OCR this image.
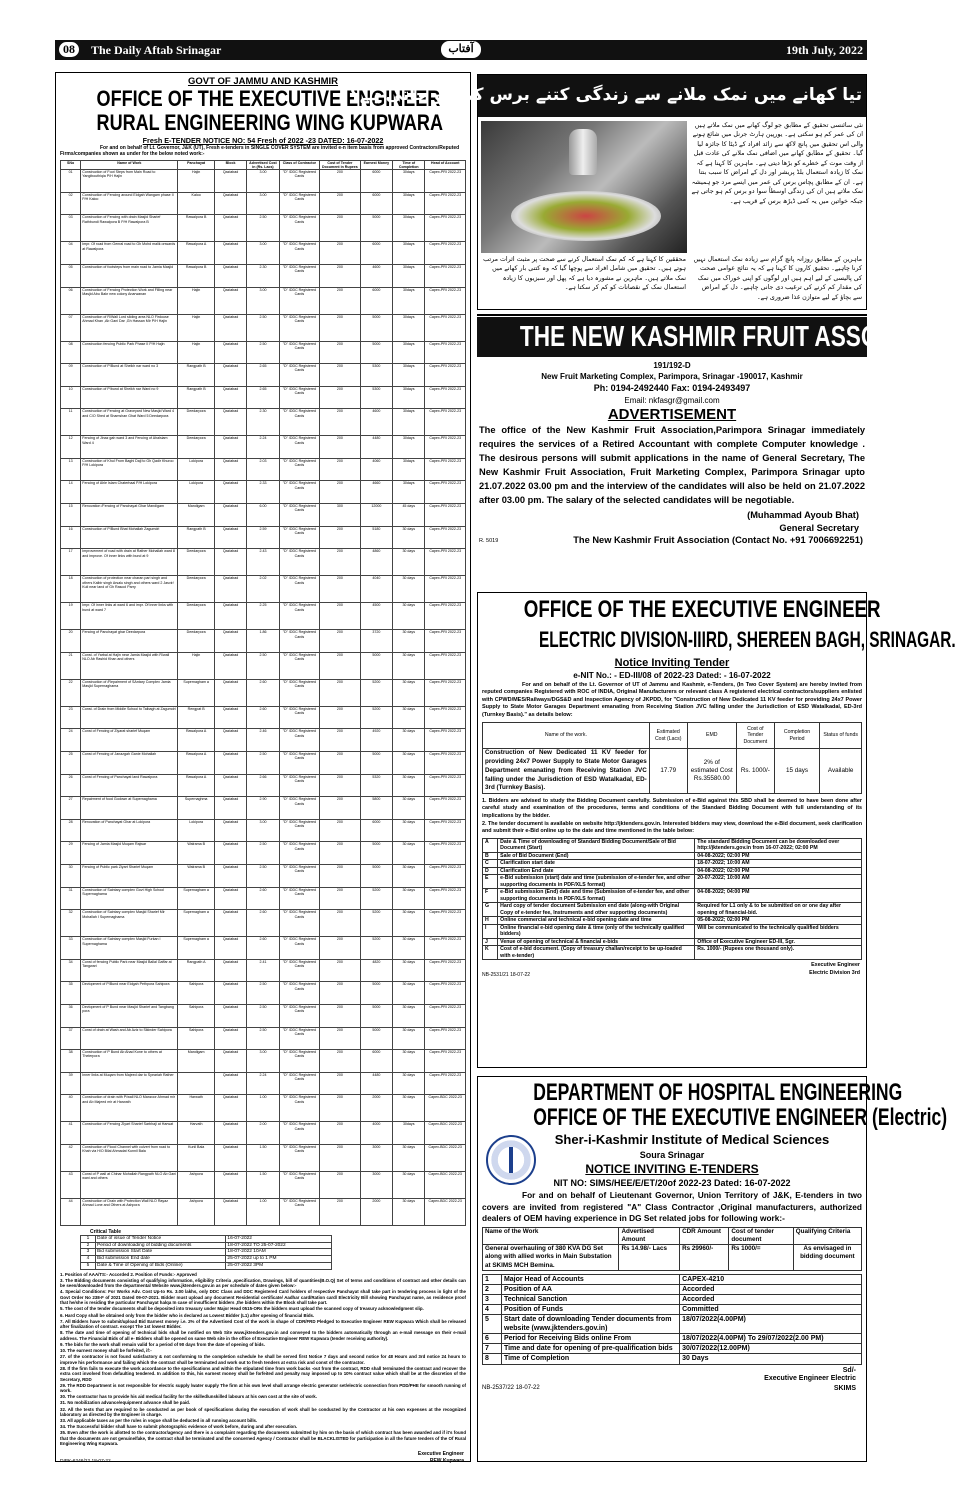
08	The Daily Aftab Srinagar	آفتاب	19th July, 2022
GOVT OF JAMMU AND KASHMIR
OFFICE OF THE EXECUTIVE ENGINEER
RURAL ENGINEERING WING KUPWARA
Fresh E-TENDER NOTICE NO: 54 Fresh of 2022 -23 DATED: 16-07-2022
For and on behalf of Lt. Governor, J&K (UT), Fresh e-tenders in SINGLE COVER SYSTEM are invited e-n item basis from approved Contractors/Reputed Firms/companies shown as under for the below noted work:-
SNo	Name of Work	Panchayat	Block	Advertised Cost in (Rs. Lacs)	Class of Contractor	Cost of Tender Document in Rupees	Earnest Money	Time of Completion	Head of Account
01	Construction of Foot Steps from Main Road to Yangibouthiqia P/H Hajin	Hajin	Qaziabad	3.00	"D" /DDC Registered Cards	200	6000	30days	Capex-PRI 2022-23
02	Construction of Fencing around Eidgah Wangam phase II P/H Kaloo	Kaloo	Qaziabad	3.00	"D" /DDC Registered Cards	200	6000	30days	Capex-PRI 2022-23
03	Construction of Fencing with drain Masjid Sharief Rathbundi Rawalpora B P/H Rawalpora B	Rawalpora B	Qaziabad	2.50	"D" /DDC Registered Cards	200	5000	30days	Capex-PRI 2022-23
04	Impr. Of road from Genral road to Gh Mohd malik onwards at Rawalpora	Rawalpora A	Qaziabad	3.00	"D" /DDC Registered Cards	200	6000	30days	Capex-PRI 2022-23
05	Construction of footsteps from main road to Jamia Masjid	Rawalpora B	Qaziabad	2.30	"D" /DDC Registered Cards	200	4600	30days	Capex-PRI 2022-23
06	Construction of Fencing Protection Work and Filling near Masjid Abu Bakr new colony Anarwanan	Hajin	Qaziabad	3.00	"D" /DDC Registered Cards	200	6000	30days	Capex-PRI 2022-23
07	Construction of R/Wall Lord sliding area NLO Firdouse Ahmad Khan ,Ab Gani Dar ,Gh Hassan Mir P/H Hajin	Hajin	Qaziabad	2.50	"D" /DDC Registered Cards	200	5000	30days	Capex-PRI 2022-23
08	Construction fencing Public Park Phase II P/H Hajin	Hajin	Qaziabad	2.50	"D" /DDC Registered Cards	200	5000	30days	Capex-PRI 2022-23
09	Construction of P/Bund at Sheikh nar ward no 3	Rangpath B	Qaziabad	2.65	"D" /DDC Registered Cards	200	5300	30days	Capex-PRI 2022-23
10	Construction of P/bund at Sheikh nar Ward no 9	Rangpath B	Qaziabad	2.65	"D" /DDC Registered Cards	200	5300	30days	Capex-PRI 2022-23
11	Construction of Fencing at Graveyard New Masjid Ward 4 and C/O Shed at Shamshan Ghat Ward 5 Deedarpora	Deedarpora	Qaziabad	2.30	"D" /DDC Registered Cards	200	4600	30days	Capex-PRI 2022-23
12	Fencing of Jinaz gah ward 3 and Fencing of Ahalsiam Ward 4	Deedarpora	Qaziabad	2.24	"D" /DDC Registered Cards	200	4480	30days	Capex-PRI 2022-23
13	Construction of Khul From Baghi Daji to Gh Qadir Khuroo P/H Lokipora	Lokipora	Qaziabad	2.03	"D" /DDC Registered Cards	200	4060	30days	Capex-PRI 2022-23
14	Fencing of Ahle Islam Chaterhaal P/H Lokipora	Lokipora	Qaziabad	2.33	"D" /DDC Registered Cards	200	4660	30days	Capex-PRI 2022-23
15	Renovation /Fencing of Panchayat Ghar Mandigam	Mandigam	Qaziabad	6.00	"D" /DDC Registered Cards	300	12000	45 days	Capex-PRI 2022-23
16	Construction of P/Bund Bhat Mohallah Zagumdri	Rangpath B	Qaziabad	2.59	"D" /DDC Registered Cards	200	5180	30 days	Capex-PRI 2022-23
17	Improvement of road with drain at Rather Mohallah ward 8 and improve. Of inner links with bund at 9	Deedarpora	Qaziabad	2.43	"D" /DDC Registered Cards	200	4860	30 days	Capex-PRI 2022-23
18	Construction of protection near charan pari singh and others Kalbir singh Arsalu singh and others ward 2 Jasvir/ Kuli near land of Gh Rasool Parry	Deedarpora	Qaziabad	2.02	"D" /DDC Registered Cards	200	4040	30 days	Capex-PRI 2022-23
19	Impr. Of inner links at ward 6 and impr. Of inner links with bund at ward 7	Deedarpora	Qaziabad	2.25	"D" /DDC Registered Cards	200	4500	30 days	Capex-PRI 2022-23
20	Fencing of Panchayat ghar Deedarpora	Deedarpora	Qaziabad	1.86	"D" /DDC Registered Cards	200	3720	30 days	Capex-PRI 2022-23
21	Const. of Yarbal at Hajin near Jamia Masjid with R/wall NLO Ab Rashid Khan and others	Hajin	Qaziabad	2.50	"D" /DDC Registered Cards	200	5000	30 days	Capex-PRI 2022-23
22	Construction of /Repairment of SAntary Complex Jamia Masjid Supernaghama	Supernagham a	Qaziabad	2.60	"D" /DDC Registered Cards	200	5200	30 days	Capex-PRI 2022-23
23	Const. of Drain from Middle School to Talbagh at Zagumdri	Rengpat B	Qaziabad	2.60	"D" /DDC Registered Cards	200	5200	30 days	Capex-PRI 2022-23
24	Const of Fencing of Ziyarat sharief Muqam	Rawalpora A	Qaziabad	2.46	"D" /DDC Registered Cards	200	4920	30 days	Capex-PRI 2022-23
25	Const of Fencing of Janazgah Ganie Mohallah	Rawalpora A	Qaziabad	2.50	"D" /DDC Registered Cards	200	5000	30 days	Capex-PRI 2022-23
26	Const of Fencing of Panchayat land Rawalpora	Rawalpora A	Qaziabad	2.66	"D" /DDC Registered Cards	200	5320	30 days	Capex-PRI 2022-23
27	Repairment of food Godown at Supernaghama	Supernaghma	Qaziabad	2.90	"D" /DDC Registered Cards	200	5800	30 days	Capex-PRI 2022-23
28	Renovation of Panchayat Ghar at Lokipora	Lokipora	Qaziabad	3.00	"D" /DDC Registered Cards	200	6000	30 days	Capex-PRI 2022-23
29	Fencing of Jamia Masjid Muqam Rajwar	Walrama B	Qaziabad	2.50	"D" /DDC Registered Cards	200	5000	30 days	Capex-PRI 2022-23
30	Fencing of Public park Ziyart Sharief Muqam	Walrama B	Qaziabad	2.50	"D" /DDC Registered Cards	200	5000	30 days	Capex-PRI 2022-23
31	Construction of Saintary complex Govt High School Supernaghama	Supernagham a	Qaziabad	2.60	"D" /DDC Registered Cards	200	5200	30 days	Capex-PRI 2022-23
32	Construction of Saintary complex Masjid Sharief Mir Mohallah I Supernaghama	Supernagham a	Qaziabad	2.60	"D" /DDC Registered Cards	200	5200	30 days	Capex-PRI 2022-23
33	Construction of Saintary complex Masjid Furkan I Supernaghama	Supernagham a	Qaziabad	2.60	"D" /DDC Registered Cards	200	5200	30 days	Capex-PRI 2022-23
34	Const of fencing Public Park near Masjid Ballal Gaffar at Tangwari	Rangpath A	Qaziabad	2.41	"D" /DDC Registered Cards	200	4820	30 days	Capex-PRI 2022-23
35	Devlopment of P/Bund near Eidgah Pethpora Sahipora	Sahipora	Qaziabad	2.50	"D" /DDC Registered Cards	200	5000	30 days	Capex-PRI 2022-23
36	Devlopment of P Bund near Masjid Sharief and Tangbang pora	Sahipora	Qaziabad	2.50	"D" /DDC Registered Cards	200	5000	30 days	Capex-PRI 2022-23
37	Const of drain at Wash and Ab Aziz to Sikinder Sahipora	Sahipora	Qaziabad	2.50	"D" /DDC Registered Cards	200	5000	30 days	Capex-PRI 2022-23
38	Construction of P Bund Ab Ahad Kone to others at Thelerpora	Mandigam	Qaziabad	3.00	"D" /DDC Registered Cards	200	6000	30 days	Capex-PRI 2022-23
39	Inner links at Muqam from Majeed dar to Syeariah Rather		Qaziabad	2.24	"D" /DDC Registered Cards	200	4480	30 days	Capex-PRI 2022-23
40	Construction of drain with P/wall NLO Manzoor Ahmad mir and Ab Majeed mir at Harwath	Harwath	Qaziabad	1.00	"D" /DDC Registered Cards	200	2000	30 days	Capex-BDC 2022-23
41	Construction of Fencing Ziyart Sharief Sarbhaji at Harwat	Harvath	Qaziabad	2.00	"D" /DDC Registered Cards	200	4000	30days	Capex-BDC 2022-23
42	Construction of Flood Channel with culvert from road to Khah via H/O Bilal Ahmadat Kunnil Bala	Kunil Bala	Qaziabad	1.50	"D" /DDC Registered Cards	200	3000	30 days	Capex-BDC 2022-23
43	Const of P wall at Chinar Mohallah Rangpath NLO Ab Gani wani and others	Ashpora	Qaziabad	1.50	"D" /DDC Registered Cards	200	3000	30 days	Capex-BDC 2022-23
44	Construction of Drain with Protection Wall NLO Rayaz Ahmad Lone and Others at Ashpora	Ashpora	Qaziabad	1.00	"D" /DDC Registered Cards	200	2000	30 days	Capex-BDC 2022-23
Critical Table
1	Date of issue of Tender Notice	16-07-2022
2	Period of downloading of bidding documents	18-07-2022 TO 25-07-2022
3	Bid submission Start Date	18-07-2022 10AM
4	Bid submission End date	25-07-2022 up to 1 PM
5	Date & Time of Opening of Bids (Online)	25-07-2022 3PM
1. Position of AAA/TS:- Accorded 2. Position of Funds:- Approved
3. The Bidding documents consisting of qualifying information, eligibility Criteria ,specification, Drawings, bill of quantities(B.O.Q) Set of terms and conditions of contract and other details can be seen/downloaded from the departmental Website www.jktenders.gov.in as per schedule of dates given below:-
4. Special Conditions: For Works Adv. Cost Up-to Rs. 3.00 lakhs, only DDC Class and DDC Registered Card holders of respective Panchayat shall take part in tendering process in light of the Govt Order No 238-F of 2021 Dated 09-07-2021. Bidder must upload any document Residential certificate/ Aadhar card/Ration card/ Electricity Bill showing Panchayat name, as residence proof that he/she is residing the particular Panchayat halqa In case of insufficient bidders ,the bidders within the Block shall take part.
5. The cost of the tender documents shall be deposited into treasury under Major Head 0515-ORs the bidders must upload the scanned copy of treasury acknowledgment slip.
6. Hard Copy shall be obtained only from the bidder who is declared as Lowest Bidder (L1) after opening of financial Bids.
7. All Bidders have to submit/upload Bid Earnest money i.e. 2% of the Advertised Cost of the work in shape of CDR/FRD Pledged to Executive Engineer REW Kupwara Which shall be released after finalization of contract. except The 1st lowest Bidder.
8. The date and time of opening of technical bids shall be notified on Web Site www.jktenders.gov.in and conveyed to the bidders automatically through an e-mail message on their e-mail address. The Financial Bids of all e- Bidders shall be opened on same Web site in the office of Executive Engineer REW Kupwara (tender receiving authority).
9. The bids for the work shall remain valid for a period of 90 days from the date of opening of bids.
10. The earnest money shall be forfeited, if:-
27. of the contractor is not found satisfactory & not conforming to the completion schedule he shall be served first Notice 7 days and second notice for 48 Hours and 3rd notice 24 hours to improve his performance and failing which the contract shall be terminated and work out to fresh tenders at extra risk and const of the contractor.
28. If the firm fails to execute the work accordance to the specifications and within the stipulated time from work backs -out from the contract, RDD shall terminated the contract and recover the extra cost involved from defaulting tendered. In addition to this, his earnest money shall be forfeited and penalty may imposed up to 10% contract value which shall be at the discretion of the Secretary, RDD
29. The RDD Department is not responsible for electric supply /water supply The firm at his own level shall arrange electric generator set/electric connection from PDD/PHE for smooth running of work.
30. The contractor has to provide his aid medical facility for the skilled/unskilled labours at his own cost at the site of work.
31. No mobilization advance/equipment advance shall be paid.
32. All the tests that are required to be conducted as per book of specifications during the execution of work shall be conducted by the Contractor at his own expenses at the recognized laboratory as directed by the Engineer in charge.
33. All applicable taxes as per the rules in vogue shall be deducted in all running account bills.
34. The Successful bidder shall have to submit photographic evidence of work before, during and after execution.
35. Even after the work is allotted to the contractor/agency and there is a complaint regarding the documents submitted by him on the basis of which contract has been awarded and if it's found that the documents are not genuine/fake, the contract shall be terminated and the concerned Agency / Contractor shall be BLACKLISTED for participation in all the future tenders of the Of Rural Engineering Wing Kupwara.
DIPK-6246/22 18-07-22
Executive Engineer
REW Kupwara
تیا کھانے میں نمک ملانے سے زندگی کتنے برس کم ہو جاتی ہے؟
نئی سائنسی تحقیق کے مطابق جو لوگ کھانے میں نمک ملاتے ہیں ان کی عمر کم ہو سکتی ہے۔ یورپین ہارٹ جرنل میں شائع ہونے والی اس تحقیق میں پانچ لاکھ سے زائد افراد کے ڈیٹا کا جائزہ لیا گیا۔ تحقیق کے مطابق کھانے میں اضافی نمک ملانے کی عادت قبل از وقت موت کے خطرے کو بڑھا دیتی ہے۔ ماہرین کا کہنا ہے کہ نمک کا زیادہ استعمال بلڈ پریشر اور دل کے امراض کا سبب بنتا ہے۔ ان کے مطابق پچاس برس کی عمر میں ایسے مرد جو ہمیشہ نمک ملاتے ہیں ان کی زندگی اوسطاً سوا دو برس کم ہو جاتی ہے جبکہ خواتین میں یہ کمی ڈیڑھ برس کے قریب ہے۔
ماہرین کے مطابق روزانہ پانچ گرام سے زیادہ نمک استعمال نہیں کرنا چاہیے۔ تحقیق کاروں کا کہنا ہے کہ یہ نتائج عوامی صحت کی پالیسی کے لیے اہم ہیں اور لوگوں کو اپنی خوراک میں نمک کی مقدار کم کرنے کی ترغیب دی جانی چاہیے۔ دل کے امراض سے بچاؤ کے لیے متوازن غذا ضروری ہے۔
محققین کا کہنا ہے کہ کم نمک استعمال کرنے سے صحت پر مثبت اثرات مرتب ہوتے ہیں۔ تحقیق میں شامل افراد سے پوچھا گیا کہ وہ کتنی بار کھانے میں نمک ملاتے ہیں۔ ماہرین نے مشورہ دیا ہے کہ پھل اور سبزیوں کا زیادہ استعمال نمک کے نقصانات کو کم کر سکتا ہے۔
THE NEW KASHMIR FRUIT ASSOCIATION
191/192-D
New Fruit Marketing Complex, Parimpora, Srinagar -190017, Kashmir
Ph: 0194-2492440 Fax: 0194-2493497
Email: nkfasgr@gmail.com
ADVERTISEMENT
The office of the New Kashmir Fruit Association,Parimpora Srinagar immediately requires the services of a Retired Accountant with complete Computer knowledge . The desirous persons will submit applications in the name of General Secretary, The New Kashmir Fruit Association, Fruit Marketing Complex, Parimpora Srinagar upto 21.07.2022 03.00 pm and the interview of the candidates will also be held on 21.07.2022 after 03.00 pm. The salary of the selected candidates will be negotiable.
(Muhammad Ayoub Bhat)
General Secretary
R. 5019	The New Kashmir Fruit Association (Contact No. +91 7006692251)
OFFICE OF THE EXECUTIVE ENGINEER
ELECTRIC DIVISION-IIIRD, SHEREEN BAGH, SRINAGAR.
Notice Inviting Tender
e-NIT No.: - ED-III/08 of 2022-23 Dated: - 16-07-2022
For and on behalf of the Lt. Governor of UT of Jammu and Kashmir, e-Tenders, (In Two Cover System) are hereby invited from reputed companies Registered with ROC of INDIA, Original Manufacturers or relevant class A registered electrical contractors/suppliers enlisted with CPWD/MES/Railways/DGS&D and Inspection Agency of JKPDD, for "Construction of New Dedicated 11 KV feeder for providing 24x7 Power Supply to State Motor Garages Department emanating from Receiving Station JVC falling under the Jurisdiction of ESD Watalkadal, ED-3rd (Turnkey Basis)." as details below:
Name of the work.	Estimated Cost (Lacs)	EMD	Cost of Tender Document	Completion Period	Status of funds
Construction of New Dedicated 11 KV feeder for providing 24x7 Power Supply to State Motor Garages Department emanating from Receiving Station JVC falling under the Jurisdiction of ESD Watalkadal, ED-3rd (Turnkey Basis).	17.79	2% of estimated Cost Rs.35580.00	Rs. 1000/-	15 days	Available
1. Bidders are advised to study the Bidding Document carefully. Submission of e-Bid against this SBD shall be deemed to have been done after careful study and examination of the procedures, terms and conditions of the Standard Bidding Document with full understanding of its implications by the bidder.
2. The tender document is available on website http://jktenders.gov.in. Interested bidders may view, download the e-Bid document, seek clarification and submit their e-Bid online up to the date and time mentioned in the table below:
A	Date & Time of downloading of Standard Bidding Document/Sale of Bid Document (Start)	The standard Bidding Document can be downloaded over http://jktenders.gov.in from 16-07-2022; 02:00 PM
B	Sale of Bid Document (End)	04-08-2022; 02:00 PM
C	Clarification start date	18-07-2022; 10:00 AM
D	Clarification End date	04-08-2022; 02:00 PM
E	e-Bid submission (start) date and time (submission of e-tender fee, and other supporting documents in PDF/XLS format)	20-07-2022; 10:00 AM
F	e-Bid submission (End) date and time (Submission of e-tender fee, and other supporting documents in PDF/XLS format)	04-08-2022; 04:00 PM
G	Hard copy of tender document Submission end date (along-with Original Copy of e-tender fee, Instruments and other supporting documents)	Required for L1 only & to be submitted on or one day after opening of financial-bid.
H	Online commercial and technical e-bid opening date and time	05-08-2022; 02:00 PM
I	Online financial e-bid opening date & time (only of the technically qualified bidders)	Will be communicated to the technically qualified bidders
J	Venue of opening of technical & financial e-bids	Office of Executive Engineer ED-III, Sgr.
K	Cost of e-bid document. (Copy of treasury challan/receipt to be up-loaded with e-tender)	Rs. 1000/- (Rupees one thousand only).
NB-2531/21 18-07-22
Executive Engineer
Electric Division 3rd
DEPARTMENT OF HOSPITAL ENGINEERING
OFFICE OF THE EXECUTIVE ENGINEER (Electric)
Sher-i-Kashmir Institute of Medical Sciences
Soura Srinagar
NOTICE INVITING E-TENDERS
NIT NO: SIMS/HEE/E/ET/20of 2022-23 Dated: 16-07-2022
For and on behalf of Lieutenant Governor, Union Territory of J&K, E-tenders in two covers are invited from registered "A" Class Contractor ,Original manufacturers, authorized dealers of OEM having experience in DG Set related jobs for following work:-
Name of the Work	Advertised Amount	CDR Amount	Cost of tender document	Qualifying Criteria
General overhauling of 380 KVA DG Set along with allied works in Main Substation at SKIMS MCH Bemina.	Rs 14.98/- Lacs	Rs 29960/-	Rs 1000/=	As envisaged in bidding document
1	Major Head of Accounts	CAPEX-4210
2	Position of AA	Accorded
3	Technical Sanction	Accorded
4	Position of Funds	Committed
5	Start date of downloading Tender documents from website (www.jktenders.gov.in)	18/07/2022(4.00PM)
6	Period for Receiving Bids online From	18/07/2022(4.00PM) To 29/07/2022(2.00 PM)
7	Time and date for opening of pre-qualification bids	30/07/2022(12.00PM)
8	Time of Completion	30 Days
Sd/-
Executive Engineer Electric
NB-2537/22 18-07-22	SKIMS
